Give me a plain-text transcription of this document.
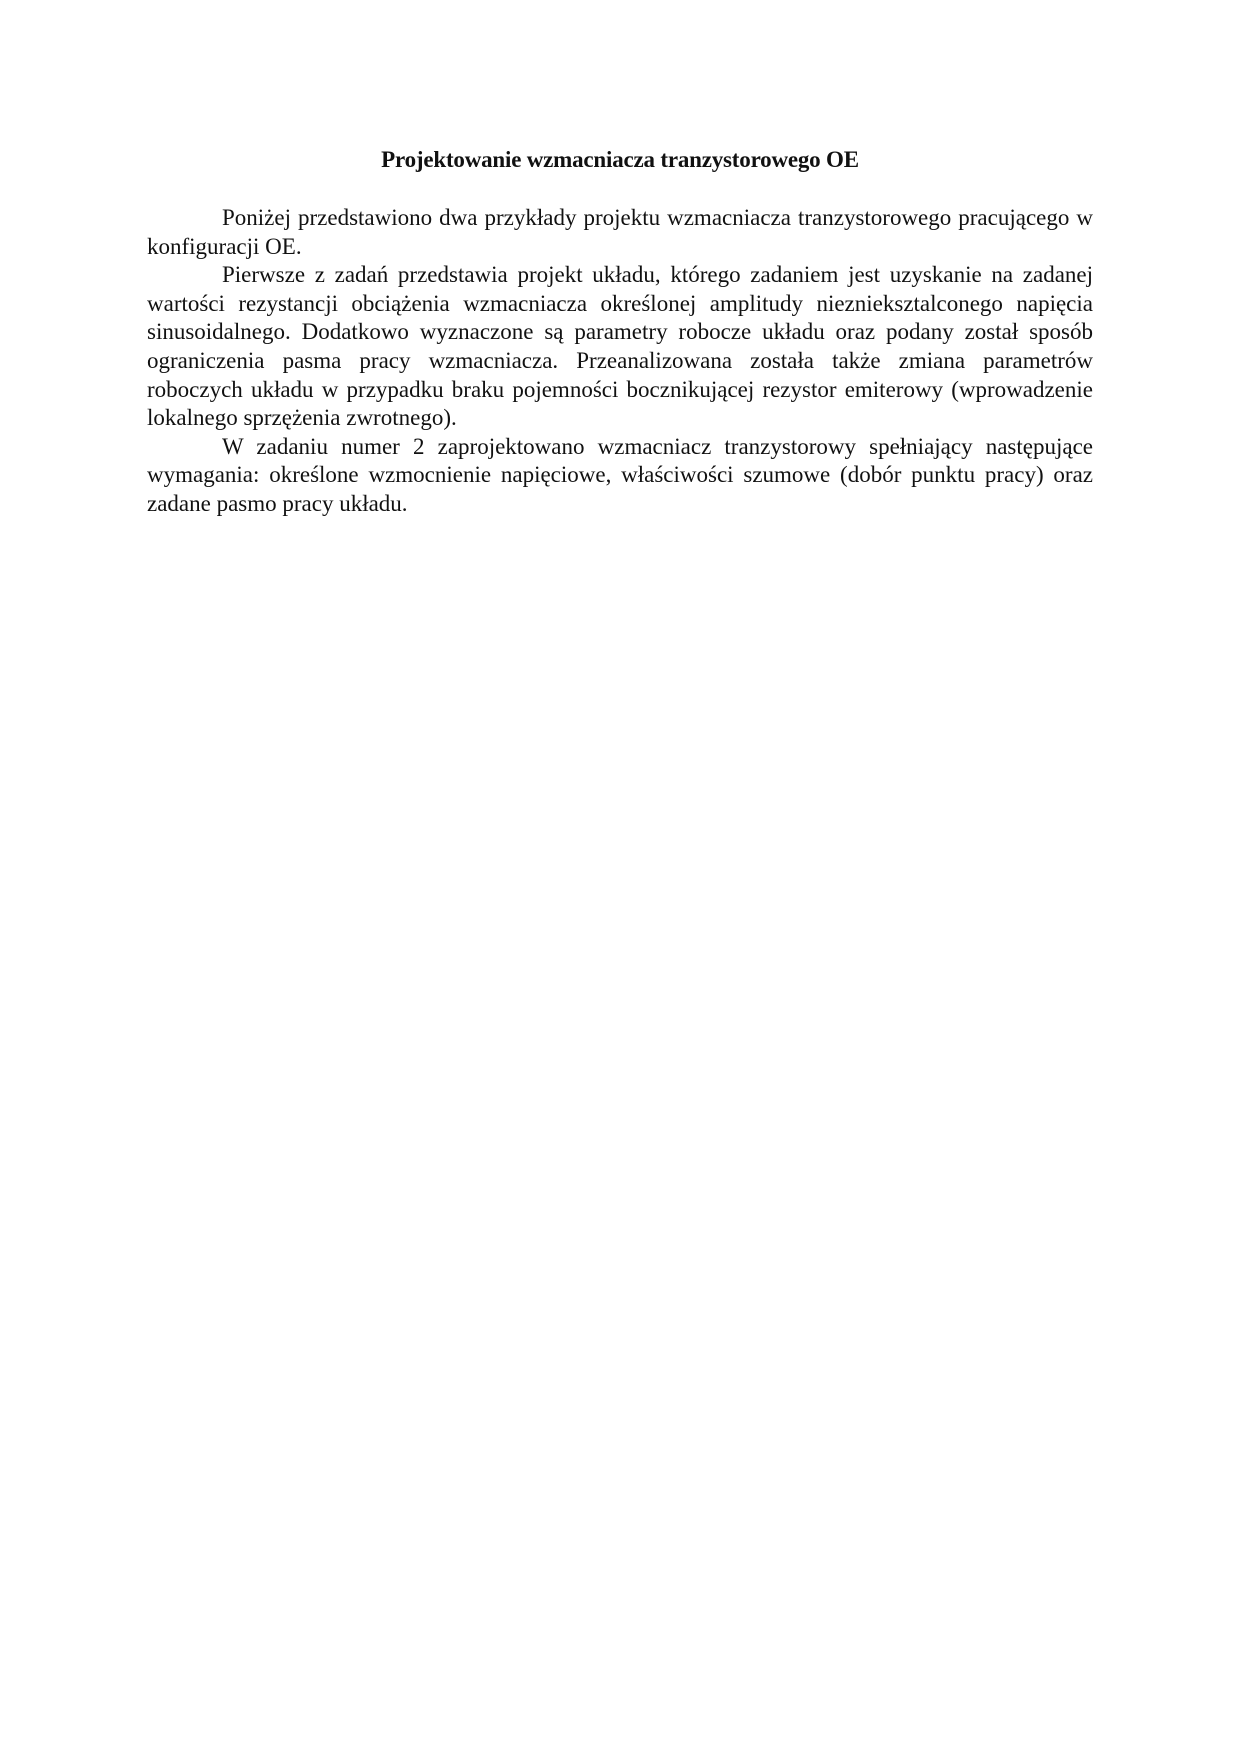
Projektowanie wzmacniacza tranzystorowego OE

Poniżej przedstawiono dwa przykłady projektu wzmacniacza tranzystorowego pracującego w konfiguracji OE.

Pierwsze z zadań przedstawia projekt układu, którego zadaniem jest uzyskanie na zadanej wartości rezystancji obciążenia wzmacniacza określonej amplitudy nieznieksztalconego napięcia sinusoidalnego. Dodatkowo wyznaczone są parametry robocze układu oraz podany został sposób ograniczenia pasma pracy wzmacniacza. Przeanalizowana została także zmiana parametrów roboczych układu w przypadku braku pojemności bocznikującej rezystor emiterowy (wprowadzenie lokalnego sprzężenia zwrotnego).

W zadaniu numer 2 zaprojektowano wzmacniacz tranzystorowy spełniający następujące wymagania: określone wzmocnienie napięciowe, właściwości szumowe (dobór punktu pracy) oraz zadane pasmo pracy układu.
